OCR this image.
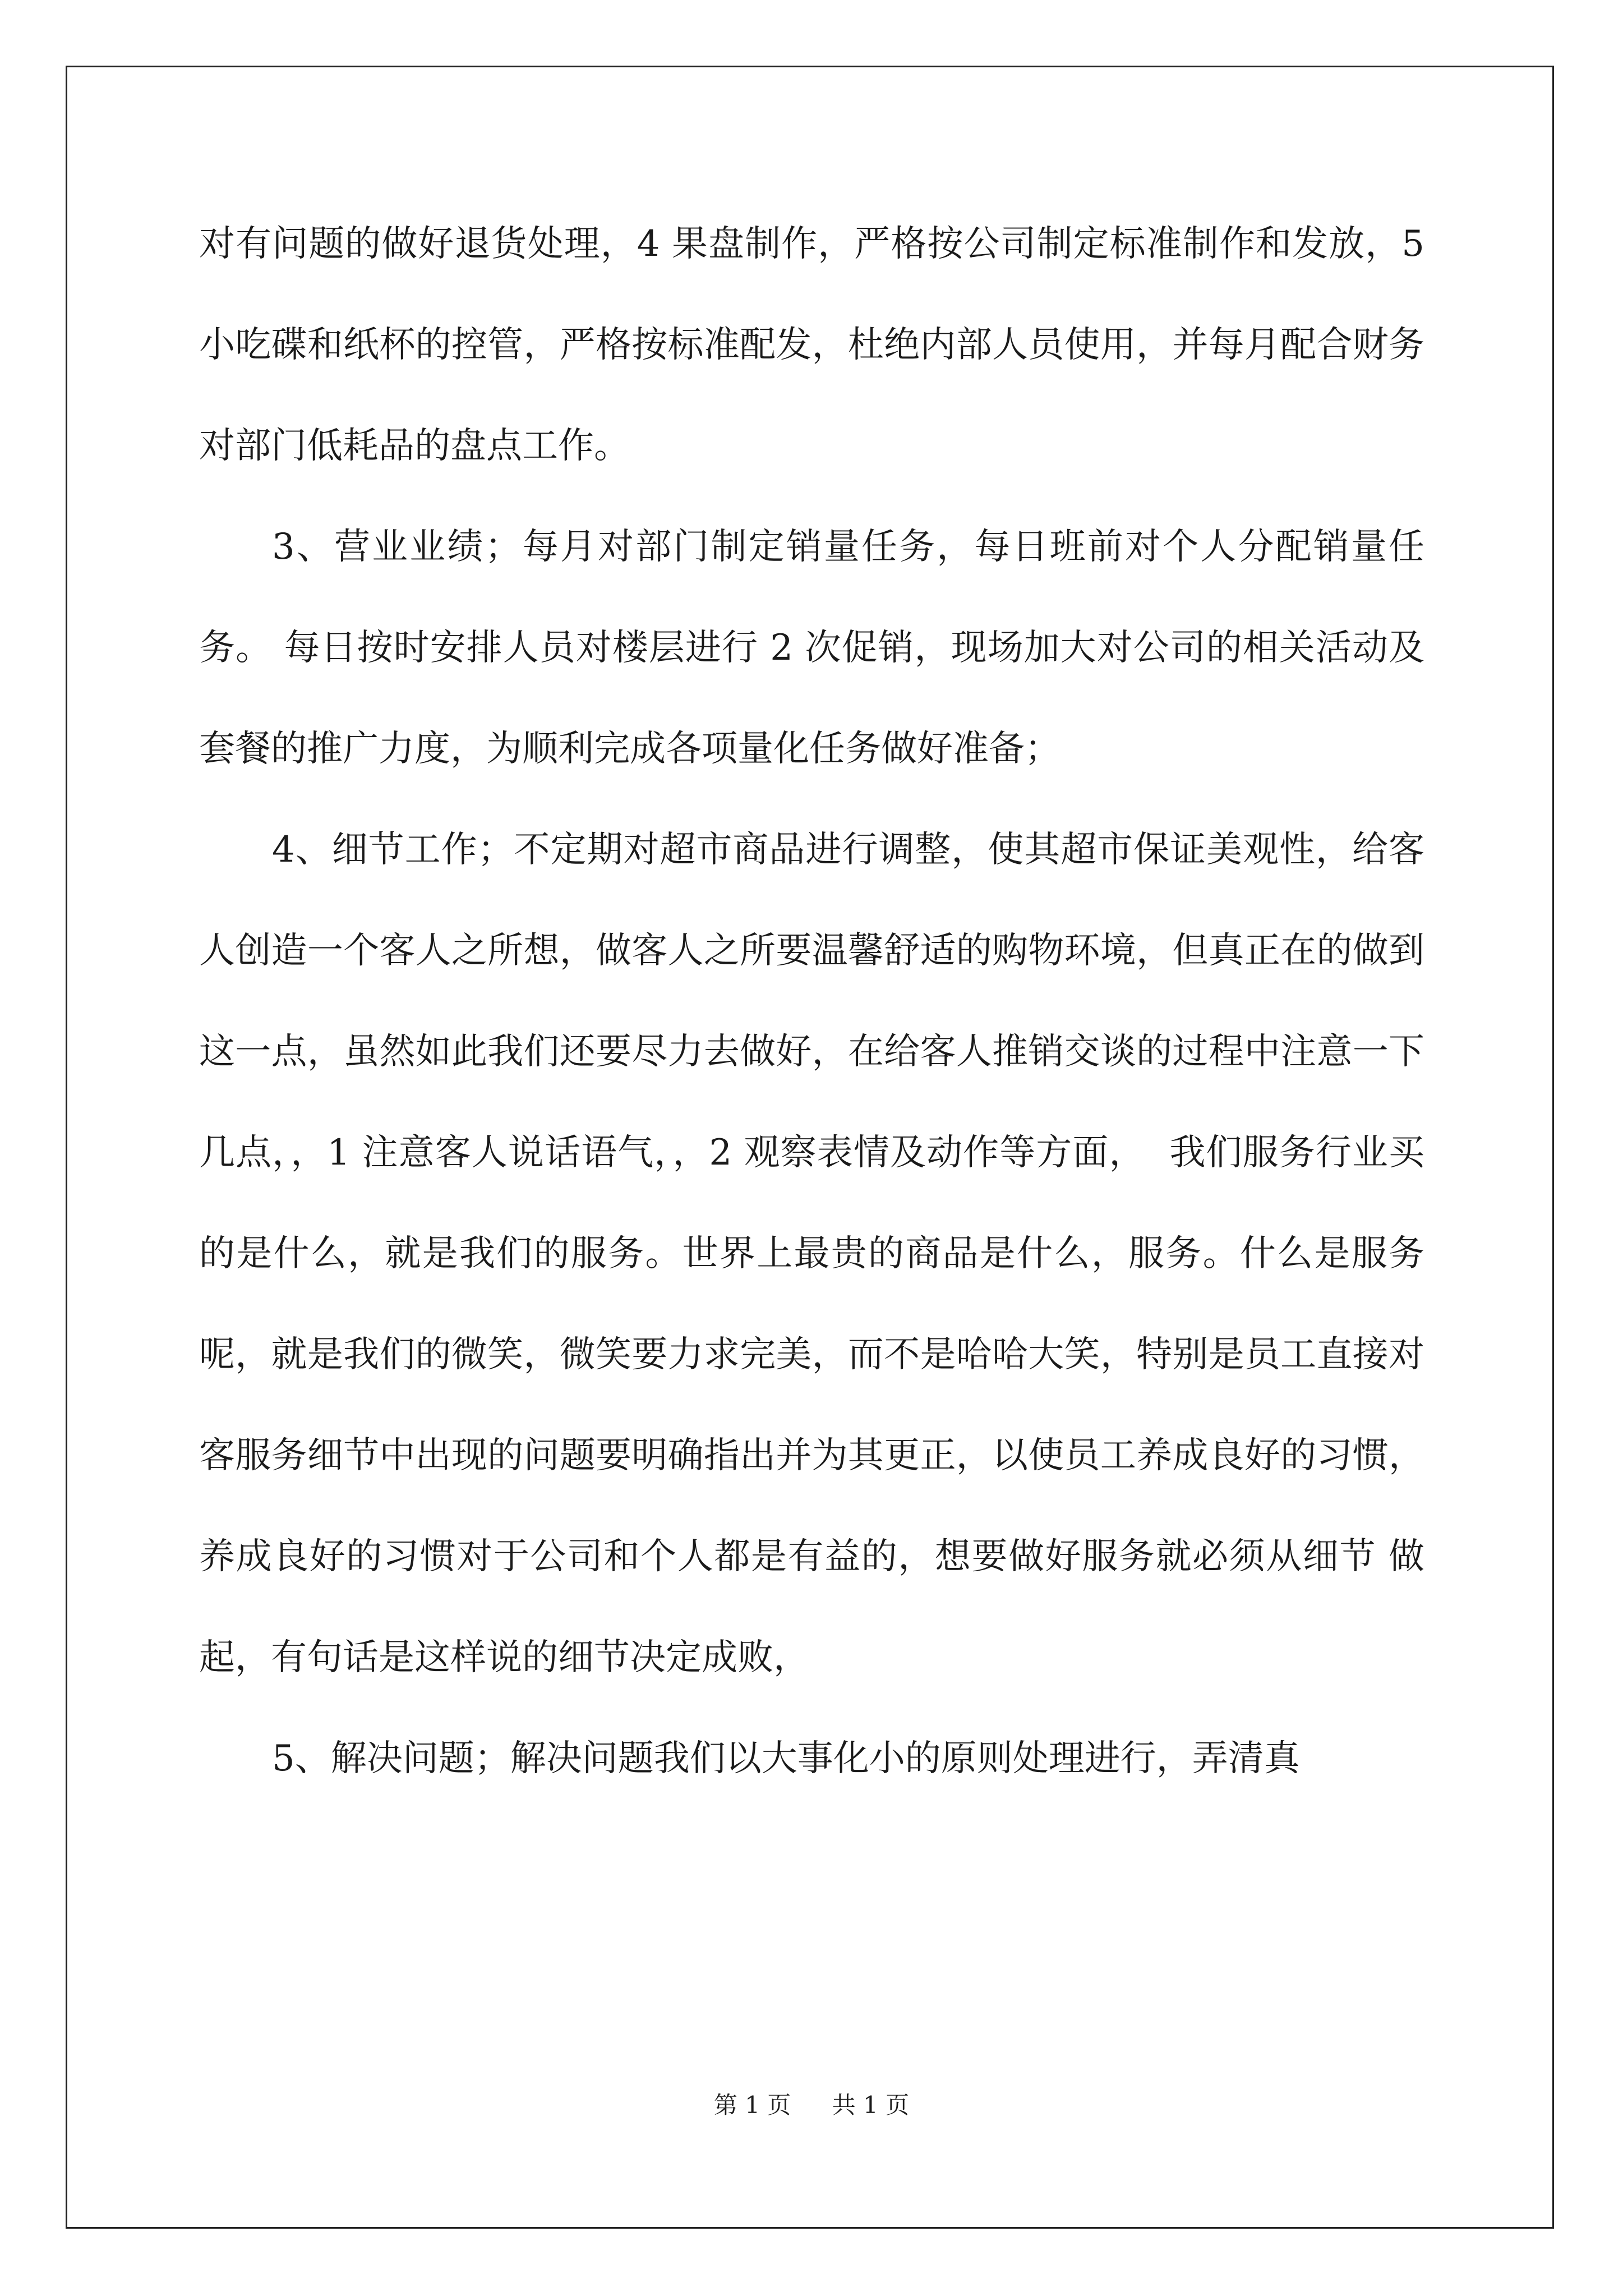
对有问题的做好退货处理，4 果盘制作，严格按公司制定标准制作和发放，5 小吃碟和纸杯的控管，严格按标准配发，杜绝内部人员使用，并每月配合财务对部门低耗品的盘点工作。

3、营业业绩；每月对部门制定销量任务，每日班前对个人分配销量任务。 每日按时安排人员对楼层进行 2 次促销，现场加大对公司的相关活动及套餐的推广力度，为顺利完成各项量化任务做好准备；

4、细节工作；不定期对超市商品进行调整，使其超市保证美观性，给客人创造一个客人之所想，做客人之所要温馨舒适的购物环境，但真正在的做到这一点，虽然如此我们还要尽力去做好，在给客人推销交谈的过程中注意一下几点，，1 注意客人说话语气，，2 观察表情及动作等方面，  我们服务行业买的是什么，就是我们的服务。世界上最贵的商品是什么，服务。什么是服务呢，就是我们的微笑，微笑要力求完美，而不是哈哈大笑，特别是员工直接对客服务细节中出现的问题要明确指出并为其更正，以使员工养成良好的习惯，养成良好的习惯对于公司和个人都是有益的，想要做好服务就必须从细节 做起，有句话是这样说的细节决定成败，

5、解决问题；解决问题我们以大事化小的原则处理进行，弄清真

第 1 页 共 1 页
